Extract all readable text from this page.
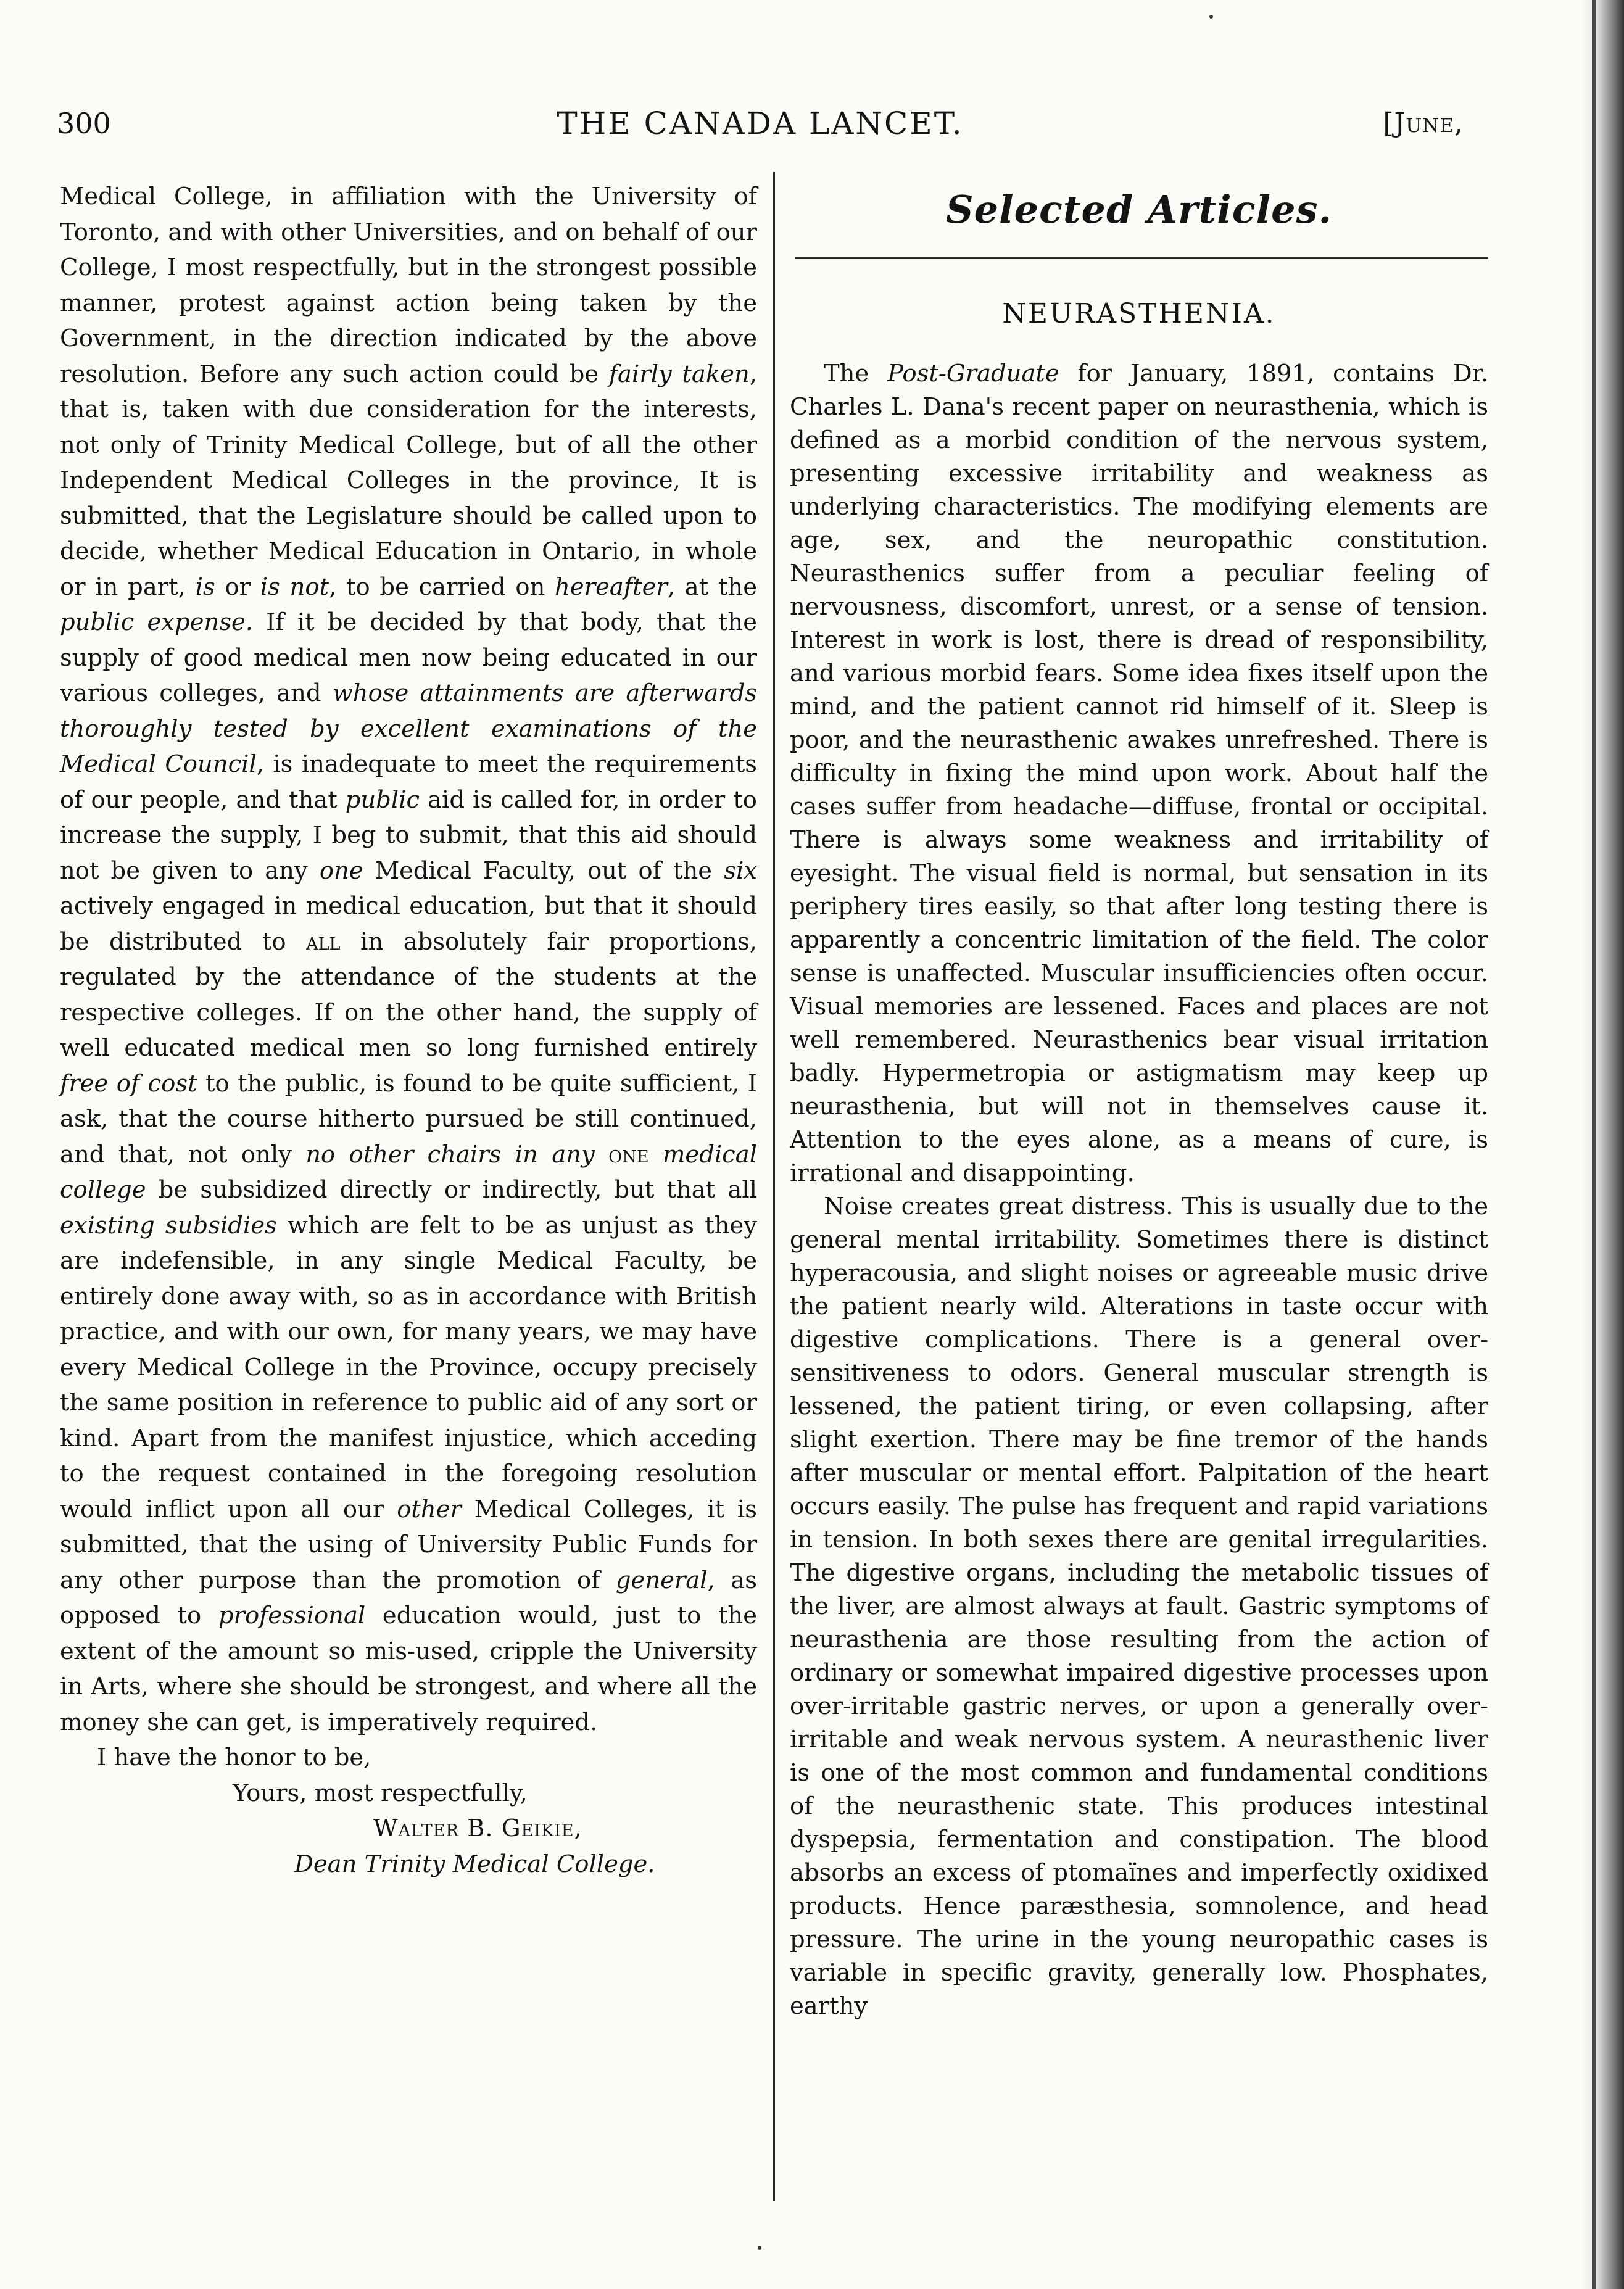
300	THE CANADA LANCET.	[June,

Medical College, in affiliation with the University of Toronto, and with other Universities, and on behalf of our College, I most respectfully, but in the strongest possible manner, protest against action being taken by the Government, in the direction indicated by the above resolution. Before any such action could be fairly taken, that is, taken with due consideration for the interests, not only of Trinity Medical College, but of all the other Independent Medical Colleges in the province, It is submitted, that the Legislature should be called upon to decide, whether Medical Education in Ontario, in whole or in part, is or is not, to be carried on hereafter, at the public expense. If it be decided by that body, that the supply of good medical men now being educated in our various colleges, and whose attainments are afterwards thoroughly tested by excellent examinations of the Medical Council, is inadequate to meet the requirements of our people, and that public aid is called for, in order to increase the supply, I beg to submit, that this aid should not be given to any one Medical Faculty, out of the six actively engaged in medical education, but that it should be distributed to all in absolutely fair proportions, regulated by the attendance of the students at the respective colleges. If on the other hand, the supply of well educated medical men so long furnished entirely free of cost to the public, is found to be quite sufficient, I ask, that the course hitherto pursued be still continued, and that, not only no other chairs in any one medical college be subsidized directly or indirectly, but that all existing subsidies which are felt to be as unjust as they are indefensible, in any single Medical Faculty, be entirely done away with, so as in accordance with British practice, and with our own, for many years, we may have every Medical College in the Province, occupy precisely the same position in reference to public aid of any sort or kind. Apart from the manifest injustice, which acceding to the request contained in the foregoing resolution would inflict upon all our other Medical Colleges, it is submitted, that the using of University Public Funds for any other purpose than the promotion of general, as opposed to professional education would, just to the extent of the amount so mis-used, cripple the University in Arts, where she should be strongest, and where all the money she can get, is imperatively required.

I have the honor to be,

Yours, most respectfully,

Walter B. Geikie,

Dean Trinity Medical College.

Selected Articles.
NEURASTHENIA.

The Post-Graduate for January, 1891, contains Dr. Charles L. Dana's recent paper on neurasthenia, which is defined as a morbid condition of the nervous system, presenting excessive irritability and weakness as underlying characteristics. The modifying elements are age, sex, and the neuropathic constitution. Neurasthenics suffer from a peculiar feeling of nervousness, discomfort, unrest, or a sense of tension. Interest in work is lost, there is dread of responsibility, and various morbid fears. Some idea fixes itself upon the mind, and the patient cannot rid himself of it. Sleep is poor, and the neurasthenic awakes unrefreshed. There is difficulty in fixing the mind upon work. About half the cases suffer from headache—diffuse, frontal or occipital. There is always some weakness and irritability of eyesight. The visual field is normal, but sensation in its periphery tires easily, so that after long testing there is apparently a concentric limitation of the field. The color sense is unaffected. Muscular insufficiencies often occur. Visual memories are lessened. Faces and places are not well remembered. Neurasthenics bear visual irritation badly. Hypermetropia or astigmatism may keep up neurasthenia, but will not in themselves cause it. Attention to the eyes alone, as a means of cure, is irrational and disappointing.

Noise creates great distress. This is usually due to the general mental irritability. Sometimes there is distinct hyperacousia, and slight noises or agreeable music drive the patient nearly wild. Alterations in taste occur with digestive complications. There is a general over-sensitiveness to odors. General muscular strength is lessened, the patient tiring, or even collapsing, after slight exertion. There may be fine tremor of the hands after muscular or mental effort. Palpitation of the heart occurs easily. The pulse has frequent and rapid variations in tension. In both sexes there are genital irregularities. The digestive organs, including the metabolic tissues of the liver, are almost always at fault. Gastric symptoms of neurasthenia are those resulting from the action of ordinary or somewhat impaired digestive processes upon over-irritable gastric nerves, or upon a generally over-irritable and weak nervous system. A neurasthenic liver is one of the most common and fundamental conditions of the neurasthenic state. This produces intestinal dyspepsia, fermentation and constipation. The blood absorbs an excess of ptomaïnes and imperfectly oxidixed products. Hence paræsthesia, somnolence, and head pressure. The urine in the young neuropathic cases is variable in specific gravity, generally low. Phosphates, earthy
